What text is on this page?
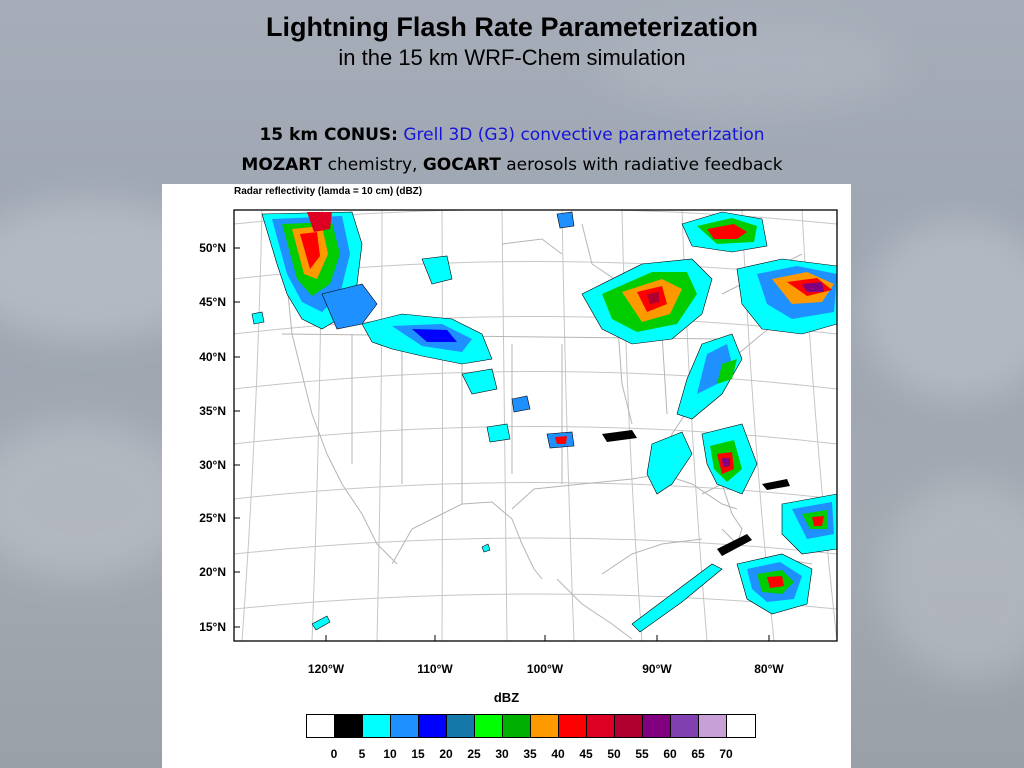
Lightning Flash Rate Parameterization
in the 15 km WRF-Chem simulation
15 km CONUS: Grell 3D (G3) convective parameterization
MOZART chemistry, GOCART aerosols with radiative feedback
Radar reflectivity (lamda = 10 cm) (dBZ)
50°N
45°N
40°N
35°N
30°N
25°N
20°N
15°N
120°W	110°W	100°W	90°W	80°W
dBZ
0	5	10	15	20	25	30	35	40	45	50	55	60	65	70
